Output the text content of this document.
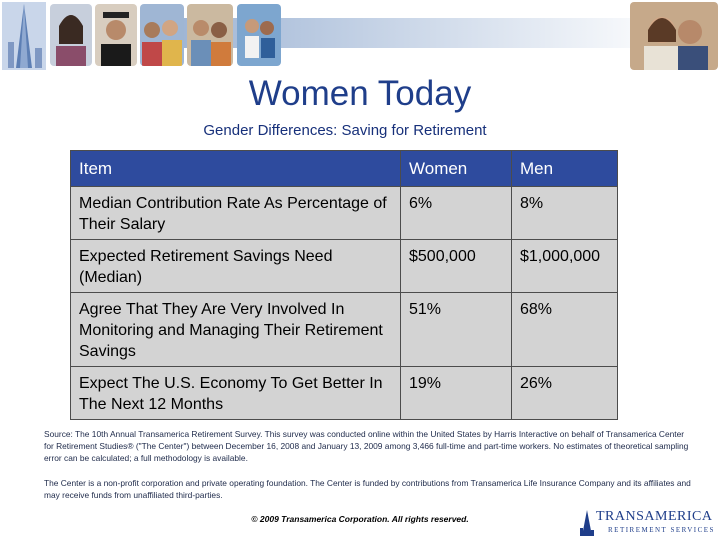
Women Today
Gender Differences: Saving for Retirement
Item	Women	Men
Median Contribution Rate As Percentage of Their Salary	6%	8%
Expected Retirement Savings Need (Median)	$500,000	$1,000,000
Agree That They Are Very Involved In Monitoring and Managing Their Retirement Savings	51%	68%
Expect The U.S. Economy To Get Better In The Next 12 Months	19%	26%
Source: The 10th Annual Transamerica Retirement Survey. This survey was conducted online within the United States by Harris Interactive on behalf of Transamerica Center for Retirement Studies® ("The Center") between December 16, 2008 and January 13, 2009 among 3,466 full-time and part-time workers. No estimates of theoretical sampling error can be calculated; a full methodology is available.
The Center is a non-profit corporation and private operating foundation. The Center is funded by contributions from Transamerica Life Insurance Company and its affiliates and may receive funds from unaffiliated third-parties.
© 2009 Transamerica Corporation. All rights reserved.	TRANSAMERICA
RETIREMENT SERVICES
